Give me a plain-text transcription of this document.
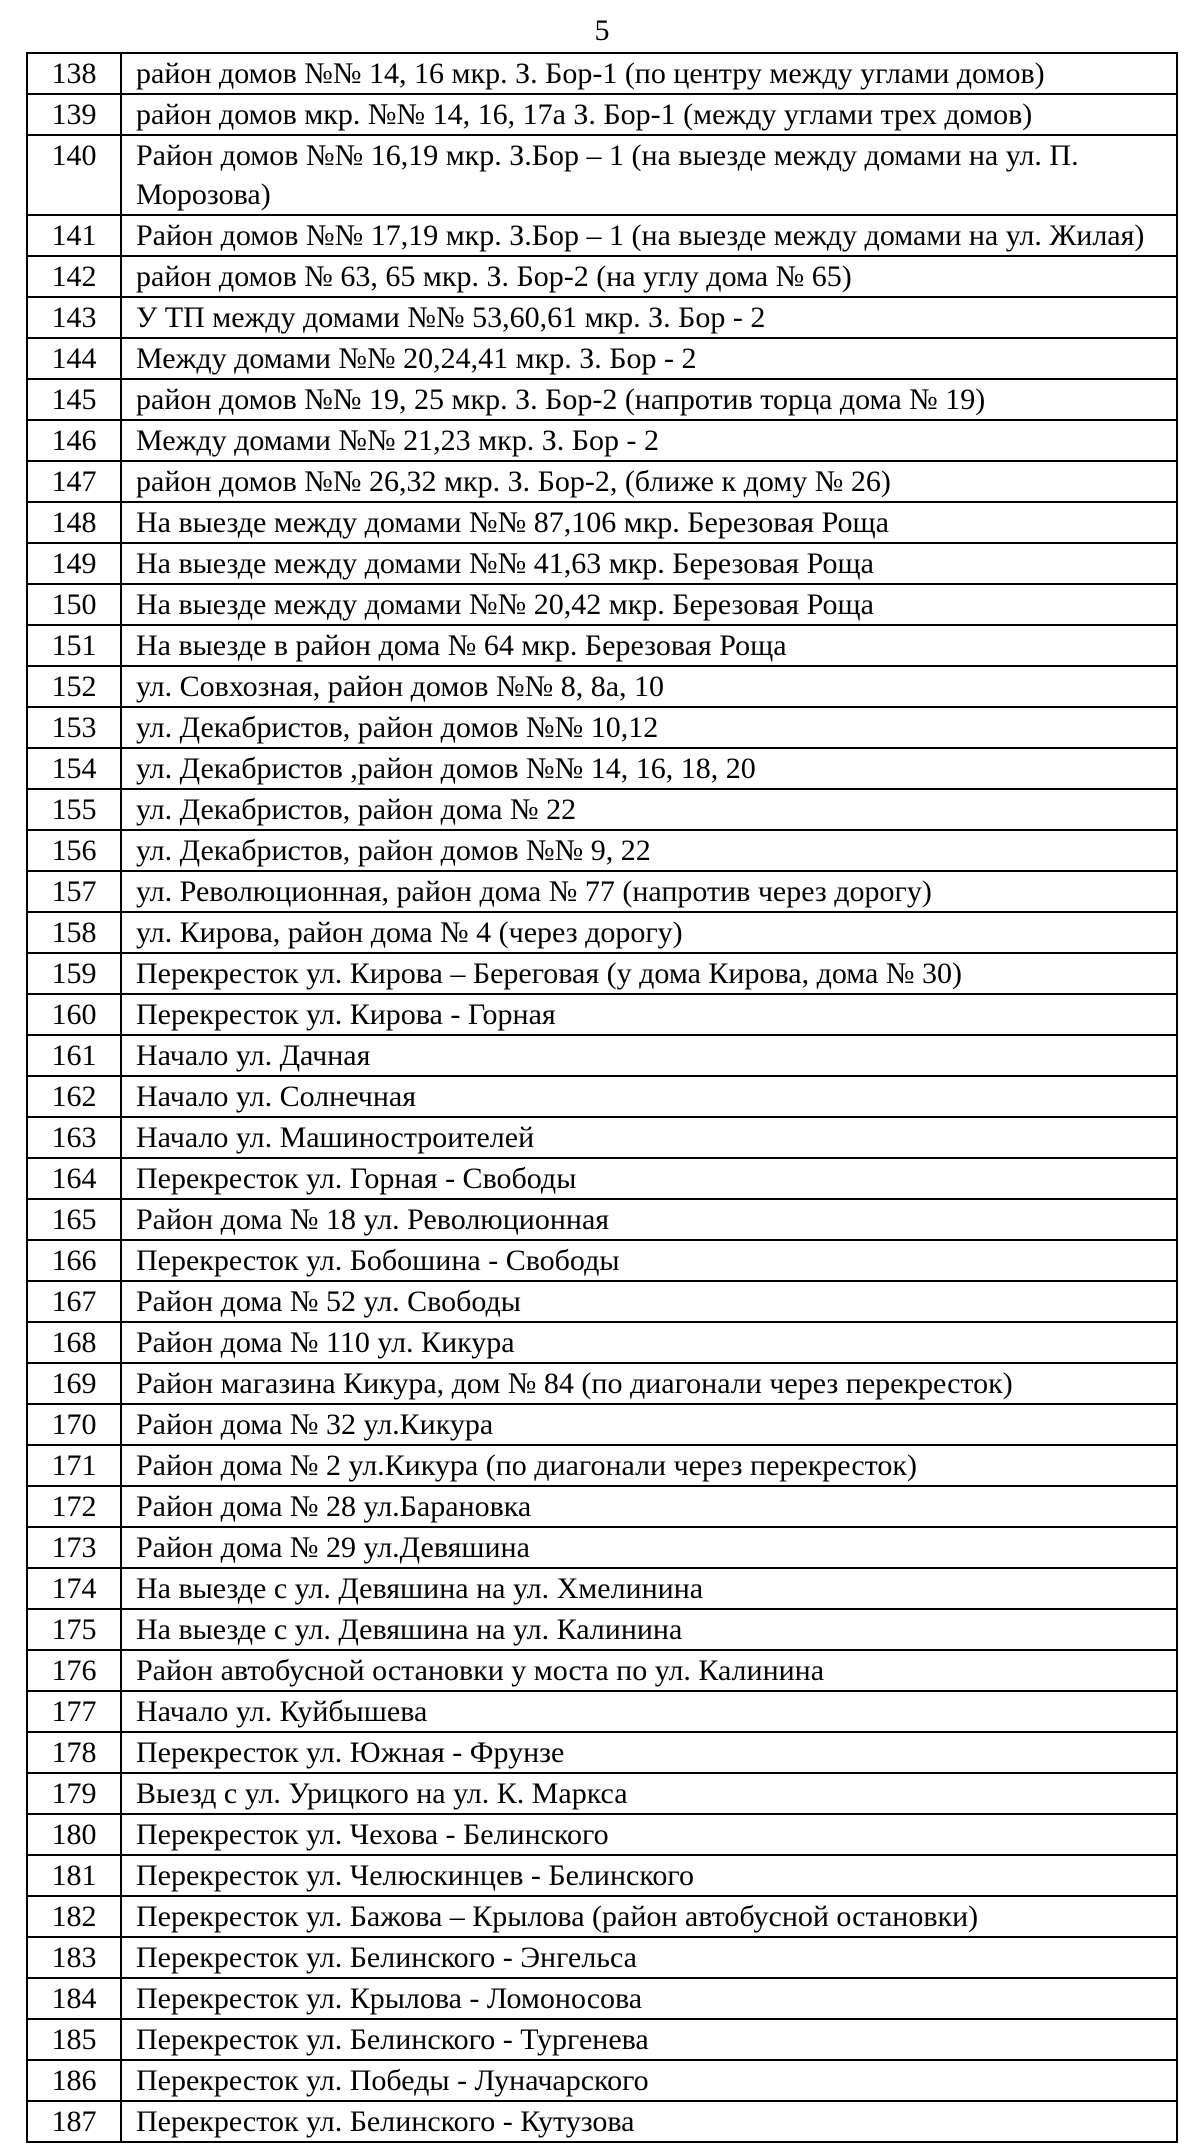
5
138	район домов №№ 14, 16 мкр. З. Бор-1 (по центру между углами домов)
139	район домов мкр. №№ 14, 16, 17а З. Бор-1 (между углами трех домов)
140	Район домов №№ 16,19 мкр. З.Бор – 1 (на выезде между домами на ул. П. Морозова)
141	Район домов №№ 17,19 мкр. З.Бор – 1 (на выезде между домами на ул. Жилая)
142	район домов № 63, 65 мкр. З. Бор-2 (на углу дома № 65)
143	У ТП между домами №№ 53,60,61 мкр. З. Бор - 2
144	Между домами №№ 20,24,41 мкр. З. Бор - 2
145	район домов №№ 19, 25 мкр. З. Бор-2 (напротив торца дома № 19)
146	Между домами №№ 21,23 мкр. З. Бор - 2
147	район домов №№ 26,32 мкр. З. Бор-2, (ближе к дому № 26)
148	На выезде между домами №№ 87,106 мкр. Березовая Роща
149	На выезде между домами №№ 41,63 мкр. Березовая Роща
150	На выезде между домами №№ 20,42 мкр. Березовая Роща
151	На выезде в район дома № 64 мкр. Березовая Роща
152	ул. Совхозная, район домов №№ 8, 8а, 10
153	ул. Декабристов, район домов №№ 10,12
154	ул. Декабристов ,район домов №№ 14, 16, 18, 20
155	ул. Декабристов, район дома № 22
156	ул. Декабристов, район домов №№ 9, 22
157	ул. Революционная, район дома № 77 (напротив через дорогу)
158	ул. Кирова, район дома № 4 (через дорогу)
159	Перекресток ул. Кирова – Береговая (у дома Кирова, дома № 30)
160	Перекресток ул. Кирова - Горная
161	Начало ул. Дачная
162	Начало ул. Солнечная
163	Начало ул. Машиностроителей
164	Перекресток ул. Горная - Свободы
165	Район дома № 18 ул. Революционная
166	Перекресток ул. Бобошина - Свободы
167	Район дома № 52 ул. Свободы
168	Район дома № 110 ул. Кикура
169	Район магазина Кикура, дом № 84 (по диагонали через перекресток)
170	Район дома № 32 ул.Кикура
171	Район дома № 2 ул.Кикура (по диагонали через перекресток)
172	Район дома № 28 ул.Барановка
173	Район дома № 29 ул.Девяшина
174	На выезде с ул. Девяшина на ул. Хмелинина
175	На выезде с ул. Девяшина на ул. Калинина
176	Район автобусной остановки у моста по ул. Калинина
177	Начало ул. Куйбышева
178	Перекресток ул. Южная - Фрунзе
179	Выезд с ул. Урицкого на ул. К. Маркса
180	Перекресток ул. Чехова - Белинского
181	Перекресток ул. Челюскинцев - Белинского
182	Перекресток ул. Бажова – Крылова (район автобусной остановки)
183	Перекресток ул. Белинского - Энгельса
184	Перекресток ул. Крылова - Ломоносова
185	Перекресток ул. Белинского - Тургенева
186	Перекресток ул. Победы - Луначарского
187	Перекресток ул. Белинского - Кутузова
